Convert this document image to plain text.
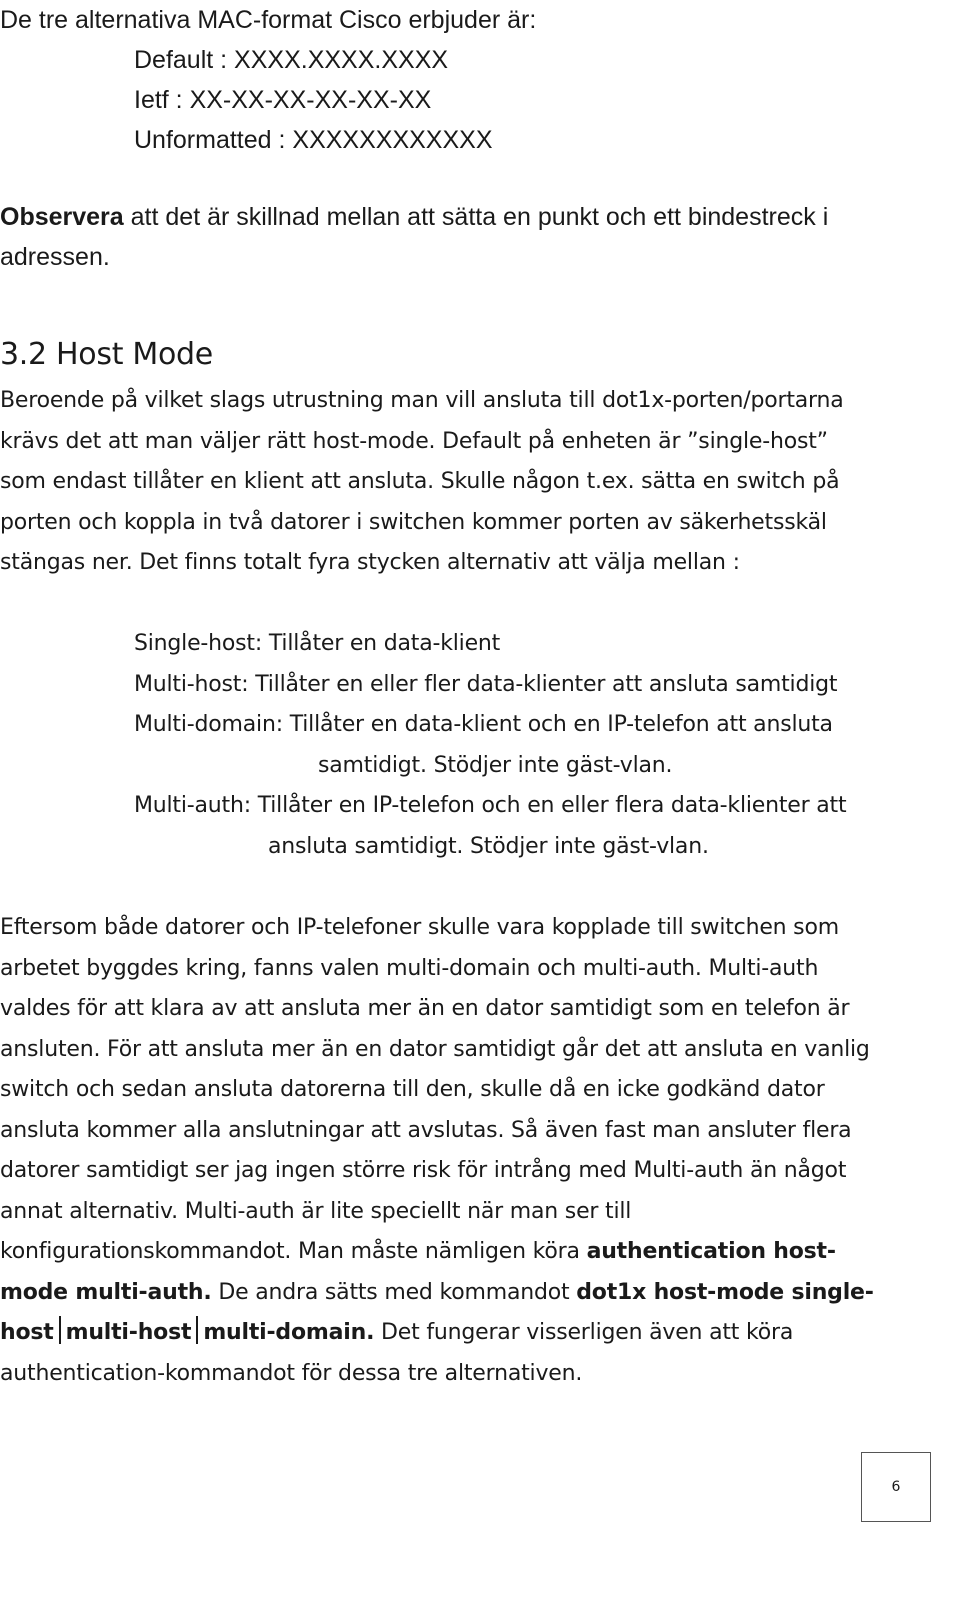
De tre alternativa MAC-format Cisco erbjuder är:
Default : XXXX.XXXX.XXXX
Ietf : XX-XX-XX-XX-XX-XX
Unformatted : XXXXXXXXXXXX
Observera att det är skillnad mellan att sätta en punkt och ett bindestreck i
adressen.
3.2 Host Mode
Beroende på vilket slags utrustning man vill ansluta till dot1x-porten/portarna
krävs det att man väljer rätt host-mode. Default på enheten är ”single-host”
som endast tillåter en klient att ansluta. Skulle någon t.ex. sätta en switch på
porten och koppla in två datorer i switchen kommer porten av säkerhetsskäl
stängas ner. Det finns totalt fyra stycken alternativ att välja mellan :
Single-host: Tillåter en data-klient
Multi-host: Tillåter en eller fler data-klienter att ansluta samtidigt
Multi-domain: Tillåter en data-klient och en IP-telefon att ansluta
samtidigt. Stödjer inte gäst-vlan.
Multi-auth: Tillåter en IP-telefon och en eller flera data-klienter att
ansluta samtidigt. Stödjer inte gäst-vlan.
Eftersom både datorer och IP-telefoner skulle vara kopplade till switchen som
arbetet byggdes kring, fanns valen multi-domain och multi-auth. Multi-auth
valdes för att klara av att ansluta mer än en dator samtidigt som en telefon är
ansluten. För att ansluta mer än en dator samtidigt går det att ansluta en vanlig
switch och sedan ansluta datorerna till den, skulle då en icke godkänd dator
ansluta kommer alla anslutningar att avslutas. Så även fast man ansluter flera
datorer samtidigt ser jag ingen större risk för intrång med Multi-auth än något
annat alternativ. Multi-auth är lite speciellt när man ser till
konfigurationskommandot. Man måste nämligen köra authentication host-
mode multi-auth. De andra sätts med kommandot dot1x host-mode single-
host multi-host multi-domain. Det fungerar visserligen även att köra
authentication-kommandot för dessa tre alternativen.
6
